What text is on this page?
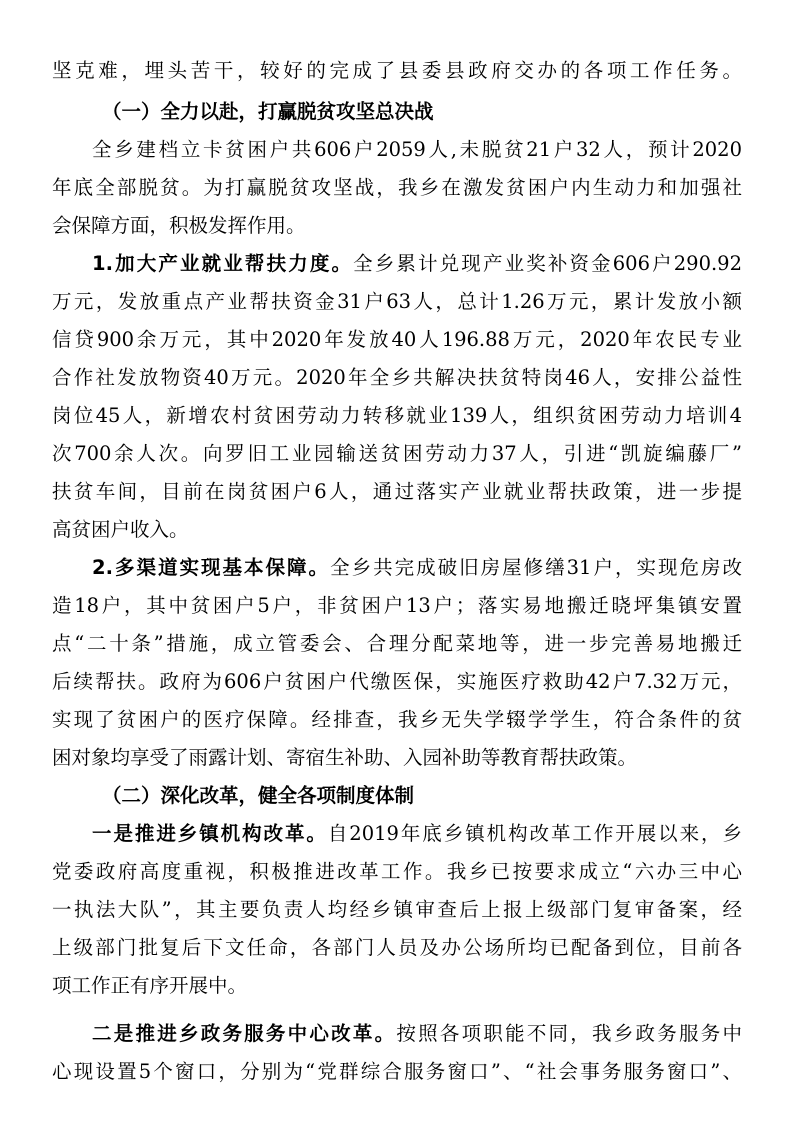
坚克难，埋头苦干，较好的完成了县委县政府交办的各项工作任务。
（一）全力以赴，打赢脱贫攻坚总决战
全乡建档立卡贫困户共606户2059人,未脱贫21户32人，预计2020
年底全部脱贫。为打赢脱贫攻坚战，我乡在激发贫困户内生动力和加强社
会保障方面，积极发挥作用。
1.加大产业就业帮扶力度。全乡累计兑现产业奖补资金606户290.92
万元，发放重点产业帮扶资金31户63人，总计1.26万元，累计发放小额
信贷900余万元，其中2020年发放40人196.88万元，2020年农民专业
合作社发放物资40万元。2020年全乡共解决扶贫特岗46人，安排公益性
岗位45人，新增农村贫困劳动力转移就业139人，组织贫困劳动力培训4
次700余人次。向罗旧工业园输送贫困劳动力37人，引进“凯旋编藤厂”
扶贫车间，目前在岗贫困户6人，通过落实产业就业帮扶政策，进一步提
高贫困户收入。
2.多渠道实现基本保障。全乡共完成破旧房屋修缮31户，实现危房改
造18户，其中贫困户5户，非贫困户13户；落实易地搬迁晓坪集镇安置
点“二十条”措施，成立管委会、合理分配菜地等，进一步完善易地搬迁
后续帮扶。政府为606户贫困户代缴医保，实施医疗救助42户7.32万元，
实现了贫困户的医疗保障。经排查，我乡无失学辍学学生，符合条件的贫
困对象均享受了雨露计划、寄宿生补助、入园补助等教育帮扶政策。
（二）深化改革，健全各项制度体制
一是推进乡镇机构改革。自2019年底乡镇机构改革工作开展以来，乡
党委政府高度重视，积极推进改革工作。我乡已按要求成立“六办三中心
一执法大队”，其主要负责人均经乡镇审查后上报上级部门复审备案，经
上级部门批复后下文任命，各部门人员及办公场所均已配备到位，目前各
项工作正有序开展中。
二是推进乡政务服务中心改革。按照各项职能不同，我乡政务服务中
心现设置5个窗口，分别为“党群综合服务窗口”、“社会事务服务窗口”、
